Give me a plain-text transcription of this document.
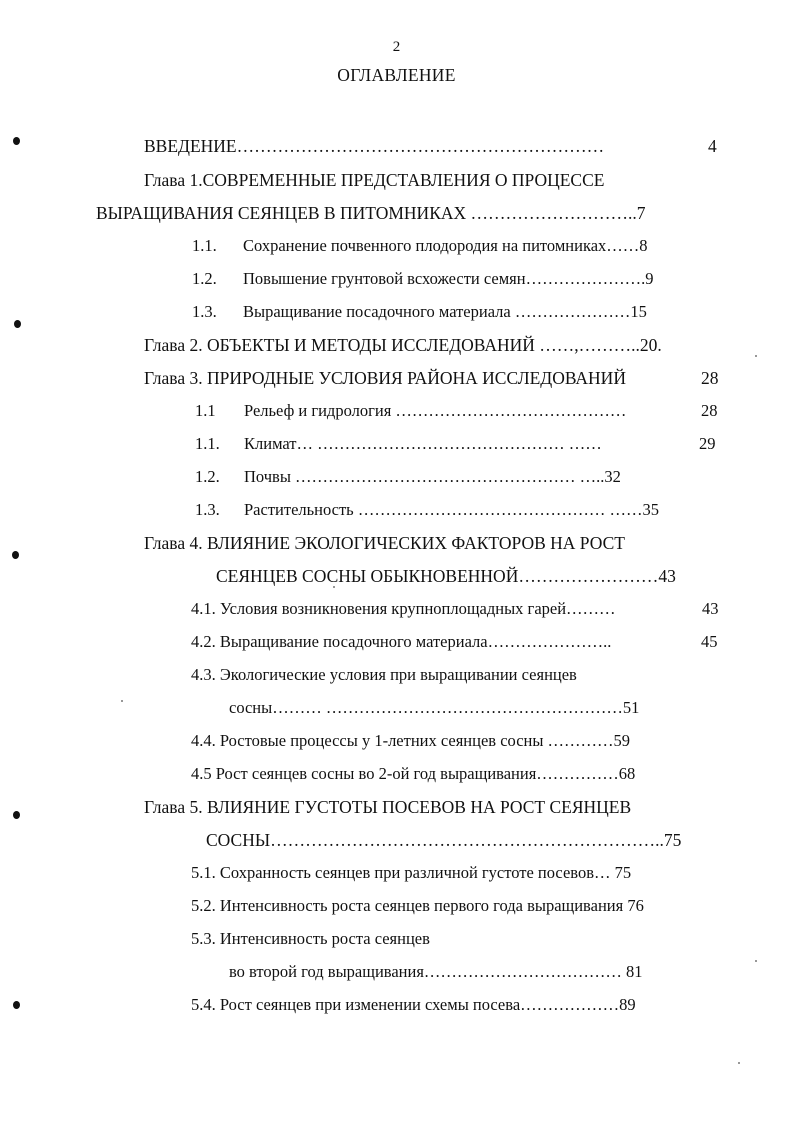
2
ОГЛАВЛЕНИЕ
ВВЕДЕНИЕ………………………………………………………	4
Глава 1.СОВРЕМЕННЫЕ ПРЕДСТАВЛЕНИЯ О ПРОЦЕССЕ
ВЫРАЩИВАНИЯ СЕЯНЦЕВ В ПИТОМНИКАХ ………………………..7
1.1. Сохранение почвенного плодородия на питомниках……8
1.2. Повышение грунтовой всхожести семян………………….9
1.3. Выращивание посадочного материала …………………15
Глава 2. ОБЪЕКТЫ И МЕТОДЫ ИССЛЕДОВАНИЙ ……,………..20.
Глава 3. ПРИРОДНЫЕ УСЛОВИЯ РАЙОНА ИССЛЕДОВАНИЙ	28
1.1 Рельеф и гидрология ……………………………………	28
1.1. Климат… ……………………………………… ……	29
1.2. Почвы …………………………………………… …..32
1.3. Растительность ……………………………………… ……35
Глава 4. ВЛИЯНИЕ ЭКОЛОГИЧЕСКИХ ФАКТОРОВ НА РОСТ
СЕЯНЦЕВ СОСНЫ ОБЫКНОВЕННОЙ……………………43
4.1. Условия возникновения крупноплощадных гарей………	43
4.2. Выращивание посадочного материала…………………..	45
4.3. Экологические условия при выращивании сеянцев
сосны……… ………………………………………………51
4.4. Ростовые процессы у 1-летних сеянцев сосны …………59
4.5 Рост сеянцев сосны во 2-ой год выращивания……………68
Глава 5. ВЛИЯНИЕ ГУСТОТЫ ПОСЕВОВ НА РОСТ СЕЯНЦЕВ
СОСНЫ…………………………………………………………..75
5.1. Сохранность сеянцев при различной густоте посевов… 75
5.2. Интенсивность роста сеянцев первого года выращивания 76
5.3. Интенсивность роста сеянцев
во второй год выращивания……………………………… 81
5.4. Рост сеянцев при изменении схемы посева………………89
